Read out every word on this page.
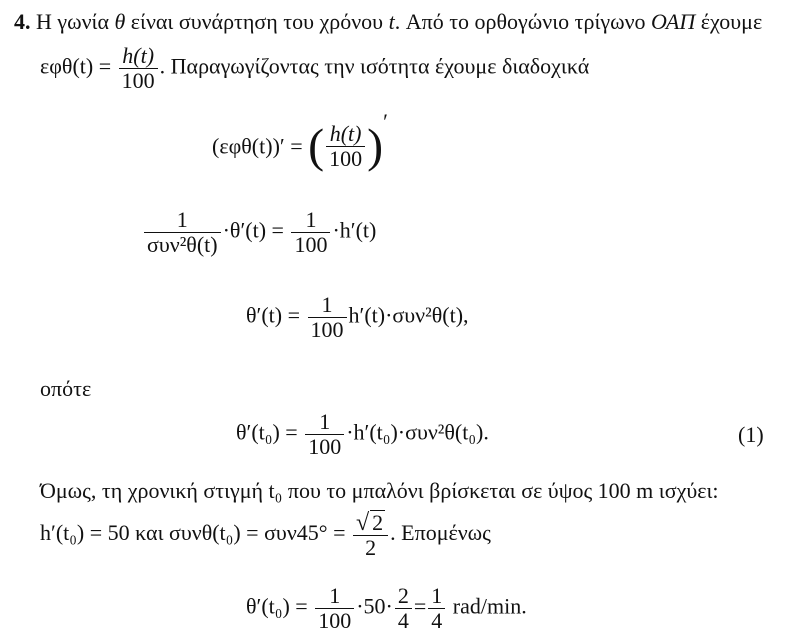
4. Η γωνία θ είναι συνάρτηση του χρόνου t. Από το ορθογώνιο τρίγωνο ΟΑΠ έχουμε
$\varepsilon\varphi\theta(t) = \frac{h(t)}{100}$ . Παραγωγίζοντας την ισότητα έχουμε διαδοχικά
(εφθ(t))′ = ( $\frac{h(t)}{100} )'$
$\frac{1}{\text{συν²θ(t)}} \cdot\theta'(t) = \frac{1}{100} \cdot h'(t)$
$\theta'(t) = \frac{1}{100} h'(t)\cdot\sigma\upsilon\nu^2\theta(t)$,
οπότε
$\theta'(t_0) = \frac{1}{100} \cdot h'(t_0)\cdot\sigma\upsilon\nu^2\theta(t_0)$.	(1)
Όμως, τη χρονική στιγμή t₀ που το μπαλόνι βρίσκεται σε ύψος 100 m ισχύει:
h′(t₀) = 50 και $\sigma\upsilon\nu\theta(t_0) = \sigma\upsilon\nu 45^\circ = \frac{√ 2}{2}$ . Επομένως
$\theta'(t_0) = \frac{1}{100} \cdot 50\cdot \frac{2}{4} = \frac{1}{4} rad/\min$.
